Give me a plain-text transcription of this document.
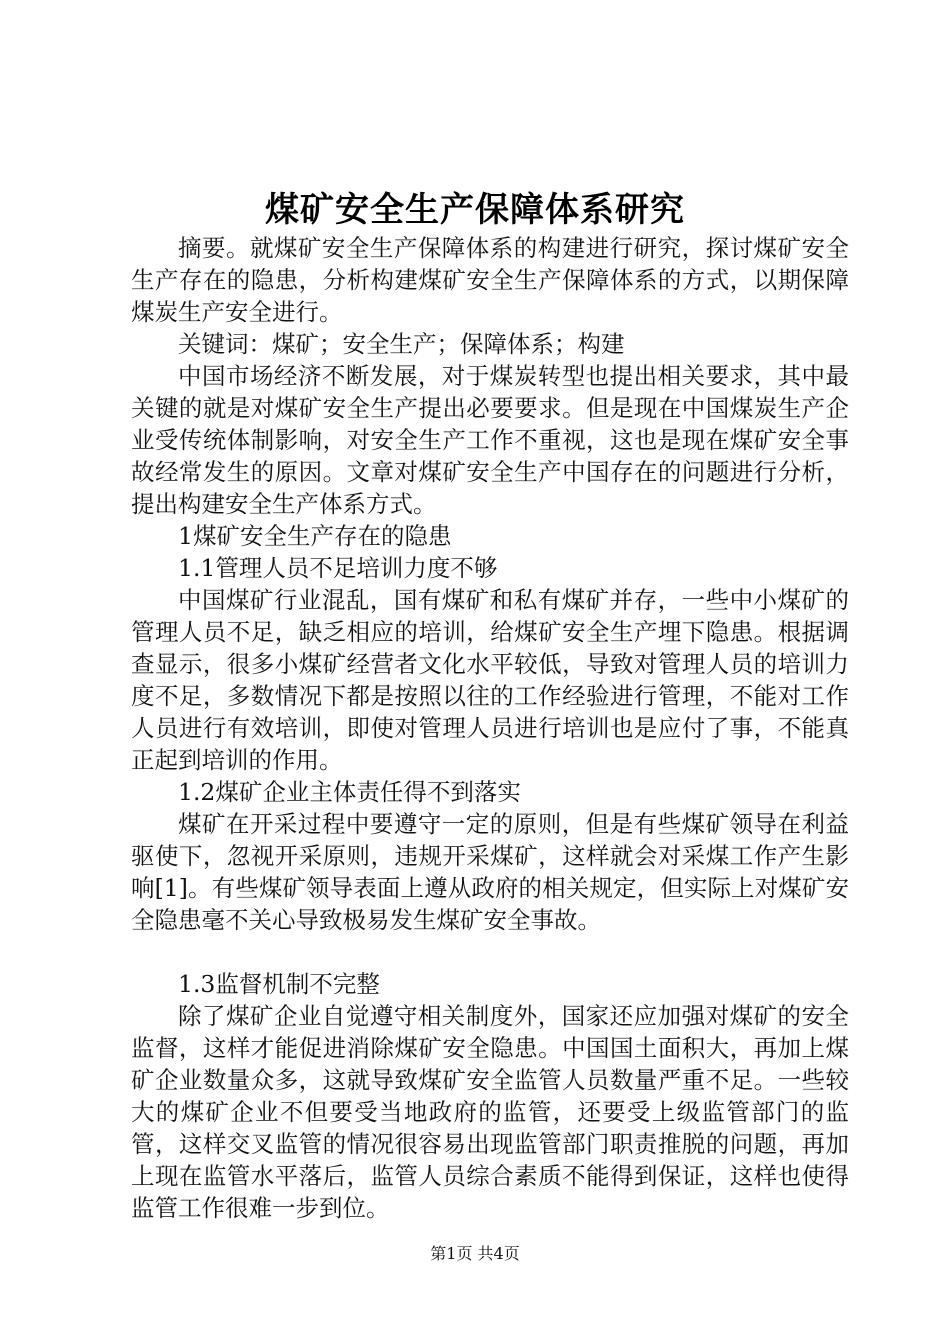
煤矿安全生产保障体系研究

摘要。就煤矿安全生产保障体系的构建进行研究，探讨煤矿安全生产存在的隐患，分析构建煤矿安全生产保障体系的方式，以期保障煤炭生产安全进行。

关键词：煤矿；安全生产；保障体系；构建

中国市场经济不断发展，对于煤炭转型也提出相关要求，其中最关键的就是对煤矿安全生产提出必要要求。但是现在中国煤炭生产企业受传统体制影响，对安全生产工作不重视，这也是现在煤矿安全事故经常发生的原因。文章对煤矿安全生产中国存在的问题进行分析，提出构建安全生产体系方式。

1煤矿安全生产存在的隐患

1.1管理人员不足培训力度不够

中国煤矿行业混乱，国有煤矿和私有煤矿并存，一些中小煤矿的管理人员不足，缺乏相应的培训，给煤矿安全生产埋下隐患。根据调查显示，很多小煤矿经营者文化水平较低，导致对管理人员的培训力度不足，多数情况下都是按照以往的工作经验进行管理，不能对工作人员进行有效培训，即使对管理人员进行培训也是应付了事，不能真正起到培训的作用。

1.2煤矿企业主体责任得不到落实

煤矿在开采过程中要遵守一定的原则，但是有些煤矿领导在利益驱使下，忽视开采原则，违规开采煤矿，这样就会对采煤工作产生影响[1]。有些煤矿领导表面上遵从政府的相关规定，但实际上对煤矿安全隐患毫不关心导致极易发生煤矿安全事故。

1.3监督机制不完整

除了煤矿企业自觉遵守相关制度外，国家还应加强对煤矿的安全监督，这样才能促进消除煤矿安全隐患。中国国土面积大，再加上煤矿企业数量众多，这就导致煤矿安全监管人员数量严重不足。一些较大的煤矿企业不但要受当地政府的监管，还要受上级监管部门的监管，这样交叉监管的情况很容易出现监管部门职责推脱的问题，再加上现在监管水平落后，监管人员综合素质不能得到保证，这样也使得监管工作很难一步到位。

第1页 共4页
